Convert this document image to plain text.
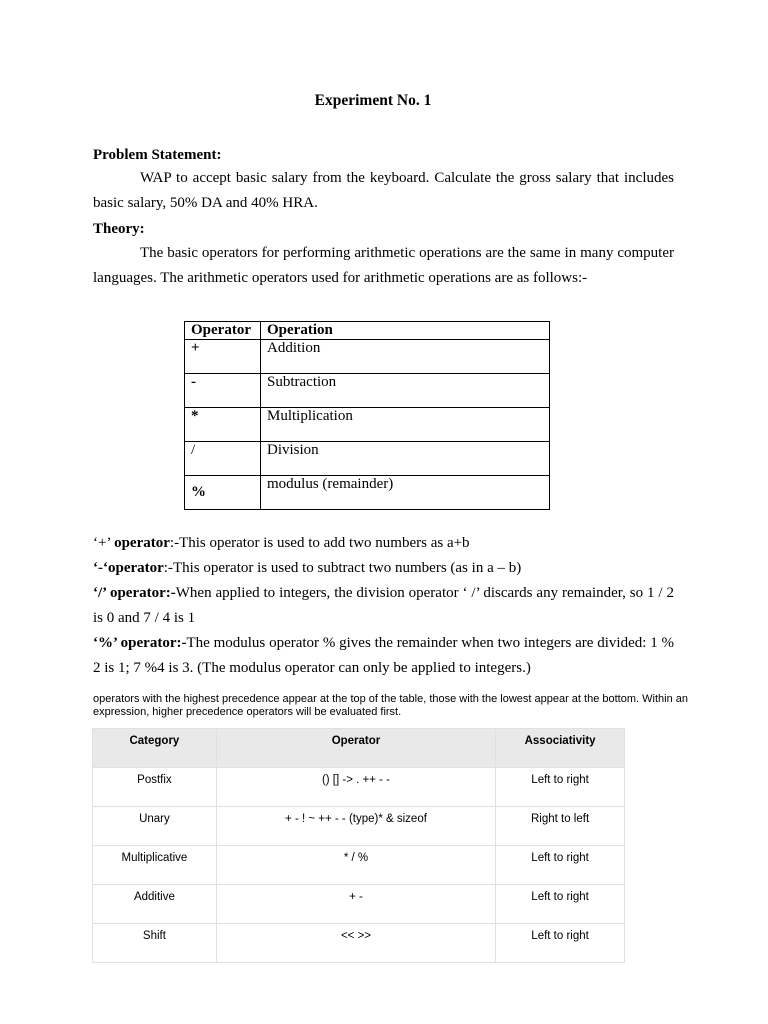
Experiment No. 1
Problem Statement:

WAP to accept basic salary from the keyboard. Calculate the gross salary that includes basic salary, 50% DA and 40% HRA.

Theory:

The basic operators for performing arithmetic operations are the same in many computer languages. The arithmetic operators used for arithmetic operations are as follows:-

Operator	Operation
+	Addition
-	Subtraction
*	Multiplication
/	Division
%	modulus (remainder)

‘+’ operator:-This operator is used to add two numbers as a+b

‘-‘operator:-This operator is used to subtract two numbers (as in a – b)

‘/’ operator:-When applied to integers, the division operator ‘ /’ discards any remainder, so 1 / 2 is 0 and 7 / 4 is 1

‘%’ operator:-The modulus operator % gives the remainder when two integers are divided: 1 % 2 is 1; 7 %4 is 3. (The modulus operator can only be applied to integers.)

operators with the highest precedence appear at the top of the table, those with the lowest appear at the bottom. Within an expression, higher precedence operators will be evaluated first.
Category	Operator	Associativity
Postfix	() [] -> . ++ - -	Left to right
Unary	+ - ! ~ ++ - - (type)* & sizeof	Right to left
Multiplicative	* / %	Left to right
Additive	+ -	Left to right
Shift	<< >>	Left to right
